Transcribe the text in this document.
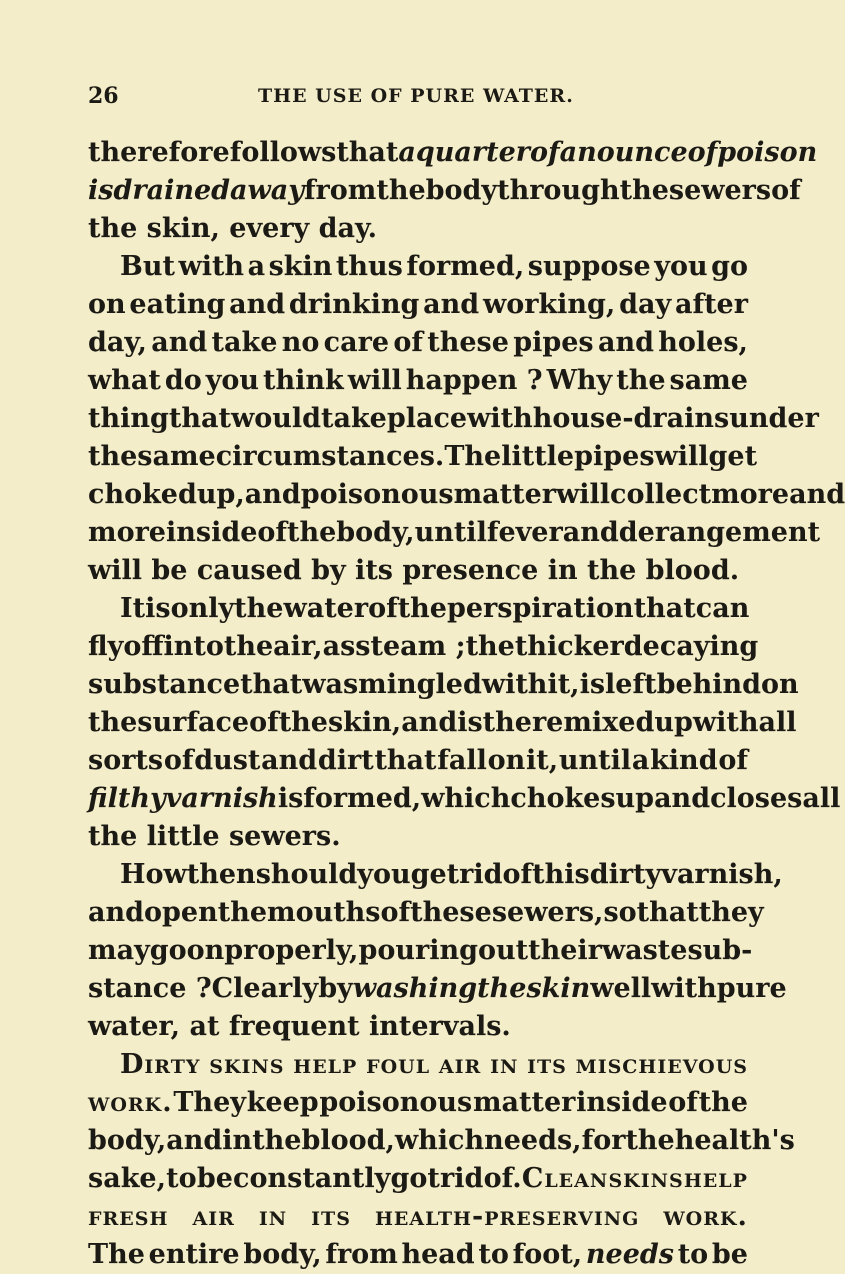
26	THE USE OF PURE WATER.
therefore follows that a quarter of an ounce of poison
is drained away from the body through the sewers of
the skin, every day.
But with a skin thus formed, suppose you go
on eating and drinking and working, day after
day, and take no care of these pipes and holes,
what do you think will happen ? Why the same
thing that would take place with house-drains under
the same circumstances. The little pipes will get
choked up, and poisonous matter will collect more and
more inside of the body, until fever and derangement
will be caused by its presence in the blood.
It is only the water of the perspiration that can
fly off into the air, as steam ; the thicker decaying
substance that was mingled with it, is left behind on
the surface of the skin, and is there mixed up with all
sorts of dust and dirt that fall on it, until a kind of
filthy varnish is formed, which chokes up and closes all
the little sewers.
How then should you get rid of this dirty varnish,
and open the mouths of these sewers, so that they
may go on properly, pouring out their waste sub-
stance ? Clearly by washing the skin well with pure
water, at frequent intervals.
Dirty skins help foul air in its mischievous
work. They keep poisonous matter inside of the
body, and in the blood, which needs, for the health's
sake, to be constantly got rid of. Clean skins help
fresh air in its health-preserving work.
The entire body, from head to foot, needs to be
